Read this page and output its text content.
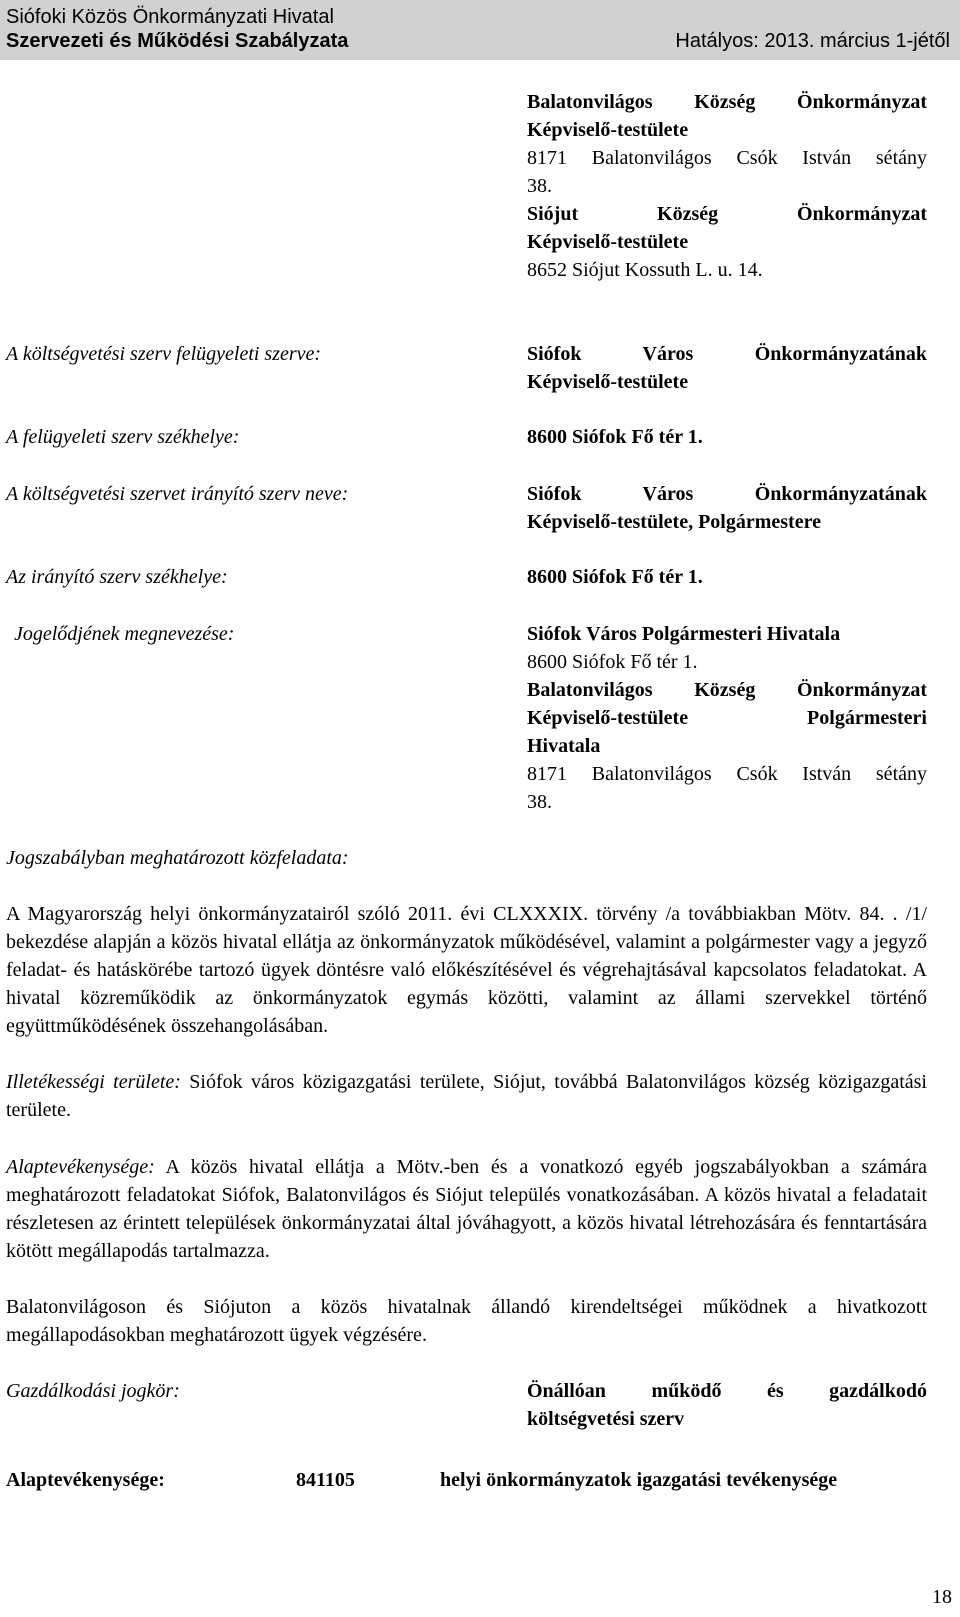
Siófoki Közös Önkormányzati Hivatal
Szervezeti és Működési Szabályzata	Hatályos: 2013. március 1-jétől
Balatonvilágos Község Önkormányzat
Képviselő-testülete
8171 Balatonvilágos Csók István sétány
38.
Siójut Község Önkormányzat
Képviselő-testülete
8652 Siójut Kossuth L. u. 14.
A költségvetési szerv felügyeleti szerve:	Siófok Város Önkormányzatának
Képviselő-testülete
A felügyeleti szerv székhelye:	8600 Siófok Fő tér 1.
A költségvetési szervet irányító szerv neve:	Siófok Város Önkormányzatának
Képviselő-testülete, Polgármestere
Az irányító szerv székhelye:	8600 Siófok Fő tér 1.
Jogelődjének megnevezése:	Siófok Város Polgármesteri Hivatala
8600 Siófok Fő tér 1.
Balatonvilágos Község Önkormányzat
Képviselő-testülete Polgármesteri
Hivatala
8171 Balatonvilágos Csók István sétány
38.
Jogszabályban meghatározott közfeladata:
A Magyarország helyi önkormányzatairól szóló 2011. évi CLXXXIX. törvény /a továbbiakban Mötv. 84. . /1/ bekezdése alapján a közös hivatal ellátja az önkormányzatok működésével, valamint a polgármester vagy a jegyző feladat- és hatáskörébe tartozó ügyek döntésre való előkészítésével és végrehajtásával kapcsolatos feladatokat. A hivatal közreműködik az önkormányzatok egymás közötti, valamint az állami szervekkel történő együttműködésének összehangolásában.
Illetékességi területe: Siófok város közigazgatási területe, Siójut, továbbá Balatonvilágos község közigazgatási területe.
Alaptevékenysége: A közös hivatal ellátja a Mötv.-ben és a vonatkozó egyéb jogszabályokban a számára meghatározott feladatokat Siófok, Balatonvilágos és Siójut település vonatkozásában. A közös hivatal a feladatait részletesen az érintett települések önkormányzatai által jóváhagyott, a közös hivatal létrehozására és fenntartására kötött megállapodás tartalmazza.
Balatonvilágoson és Siójuton a közös hivatalnak állandó kirendeltségei működnek a hivatkozott megállapodásokban meghatározott ügyek végzésére.
Gazdálkodási jogkör:	Önállóan működő és gazdálkodó
költségvetési szerv
Alaptevékenysége:	841105	helyi önkormányzatok igazgatási tevékenysége
18
